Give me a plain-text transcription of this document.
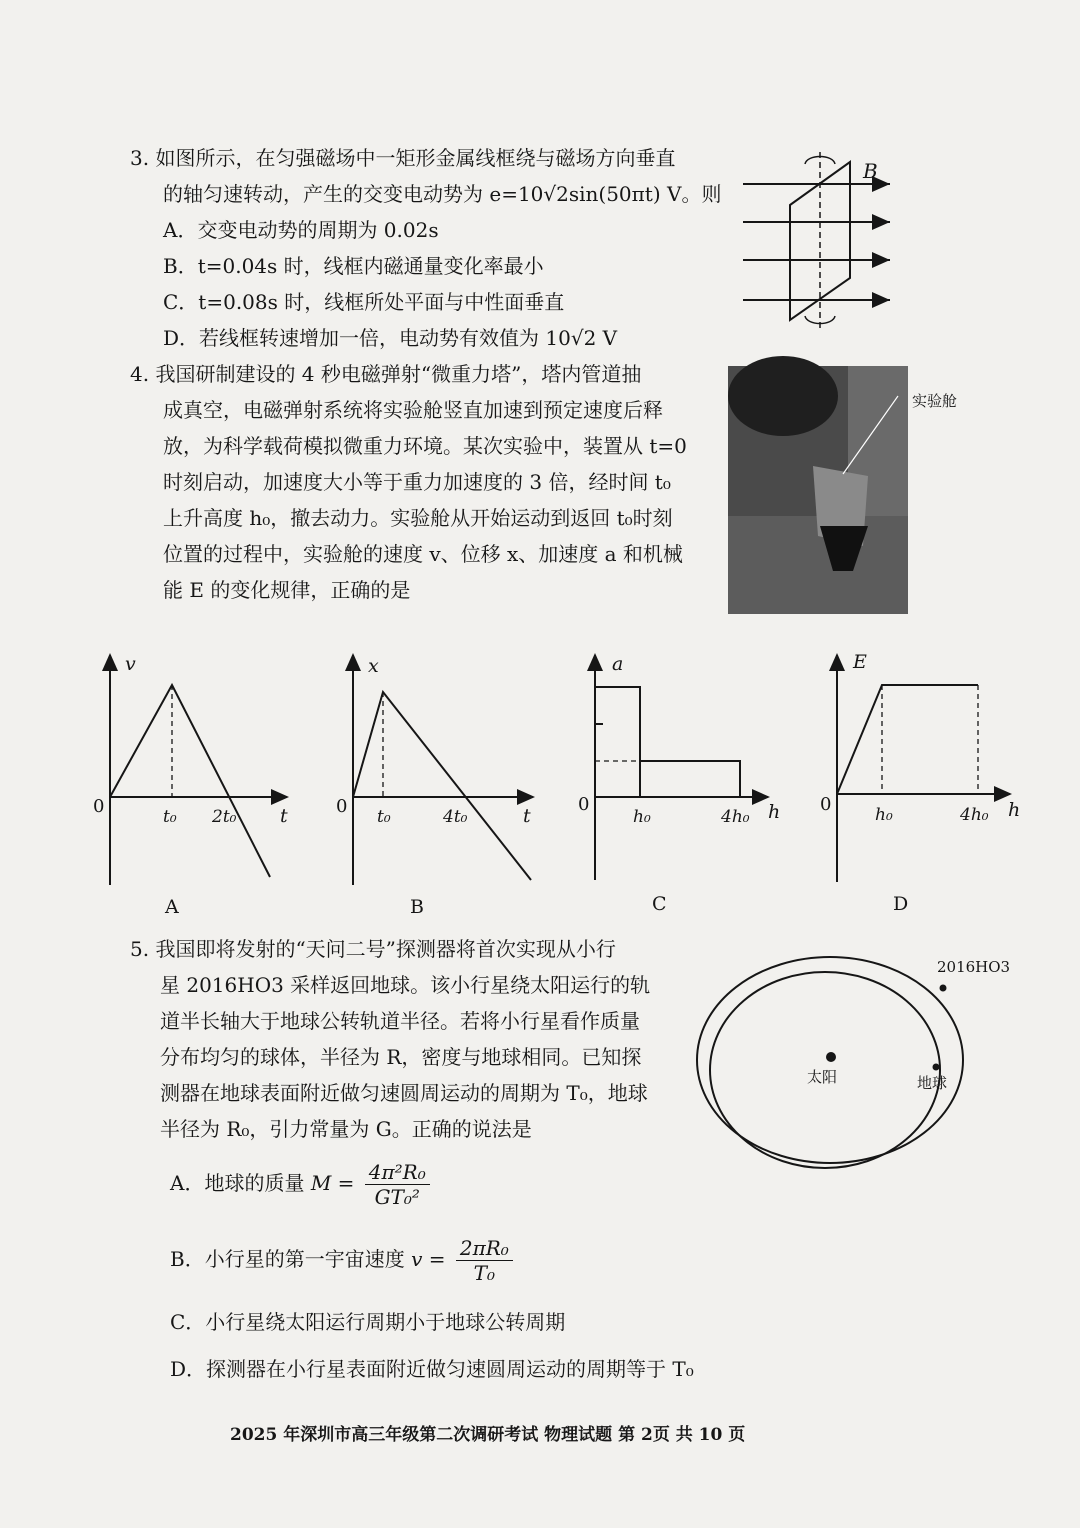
3. 如图所示，在匀强磁场中一矩形金属线框绕与磁场方向垂直
的轴匀速转动，产生的交变电动势为 e=10√2sin(50πt) V。则
A．交变电动势的周期为 0.02s
B．t=0.04s 时，线框内磁通量变化率最小
C．t=0.08s 时，线框所处平面与中性面垂直
D．若线框转速增加一倍，电动势有效值为 10√2 V
B
4. 我国研制建设的 4 秒电磁弹射“微重力塔”，塔内管道抽
成真空，电磁弹射系统将实验舱竖直加速到预定速度后释
放，为科学载荷模拟微重力环境。某次实验中，装置从 t=0
时刻启动，加速度大小等于重力加速度的 3 倍，经时间 t₀
上升高度 h₀，撤去动力。实验舱从开始运动到返回 t₀时刻
位置的过程中，实验舱的速度 v、位移 x、加速度 a 和机械
能 E 的变化规律，正确的是
实验舱
v
t
0	t₀ 2t₀
A
x
t
0 t₀	4t₀
B
a
h
0
h₀	4h₀
C
E
h
0	h₀	4h₀
D
5. 我国即将发射的“天问二号”探测器将首次实现从小行
星 2016HO3 采样返回地球。该小行星绕太阳运行的轨
道半长轴大于地球公转轨道半径。若将小行星看作质量
分布均匀的球体，半径为 R，密度与地球相同。已知探
测器在地球表面附近做匀速圆周运动的周期为 T₀，地球
半径为 R₀，引力常量为 G。正确的说法是
A．地球的质量 $M = \frac{\text{4π²R₀}}{\text{GT₀²}}$
B．小行星的第一宇宙速度 $v = \frac{\text{2πR₀}}{\text{T₀}}$
C．小行星绕太阳运行周期小于地球公转周期
D．探测器在小行星表面附近做匀速圆周运动的周期等于 T₀
2016HO3
太阳	地球
2025 年深圳市高三年级第二次调研考试 物理试题 第 2页 共 10 页
